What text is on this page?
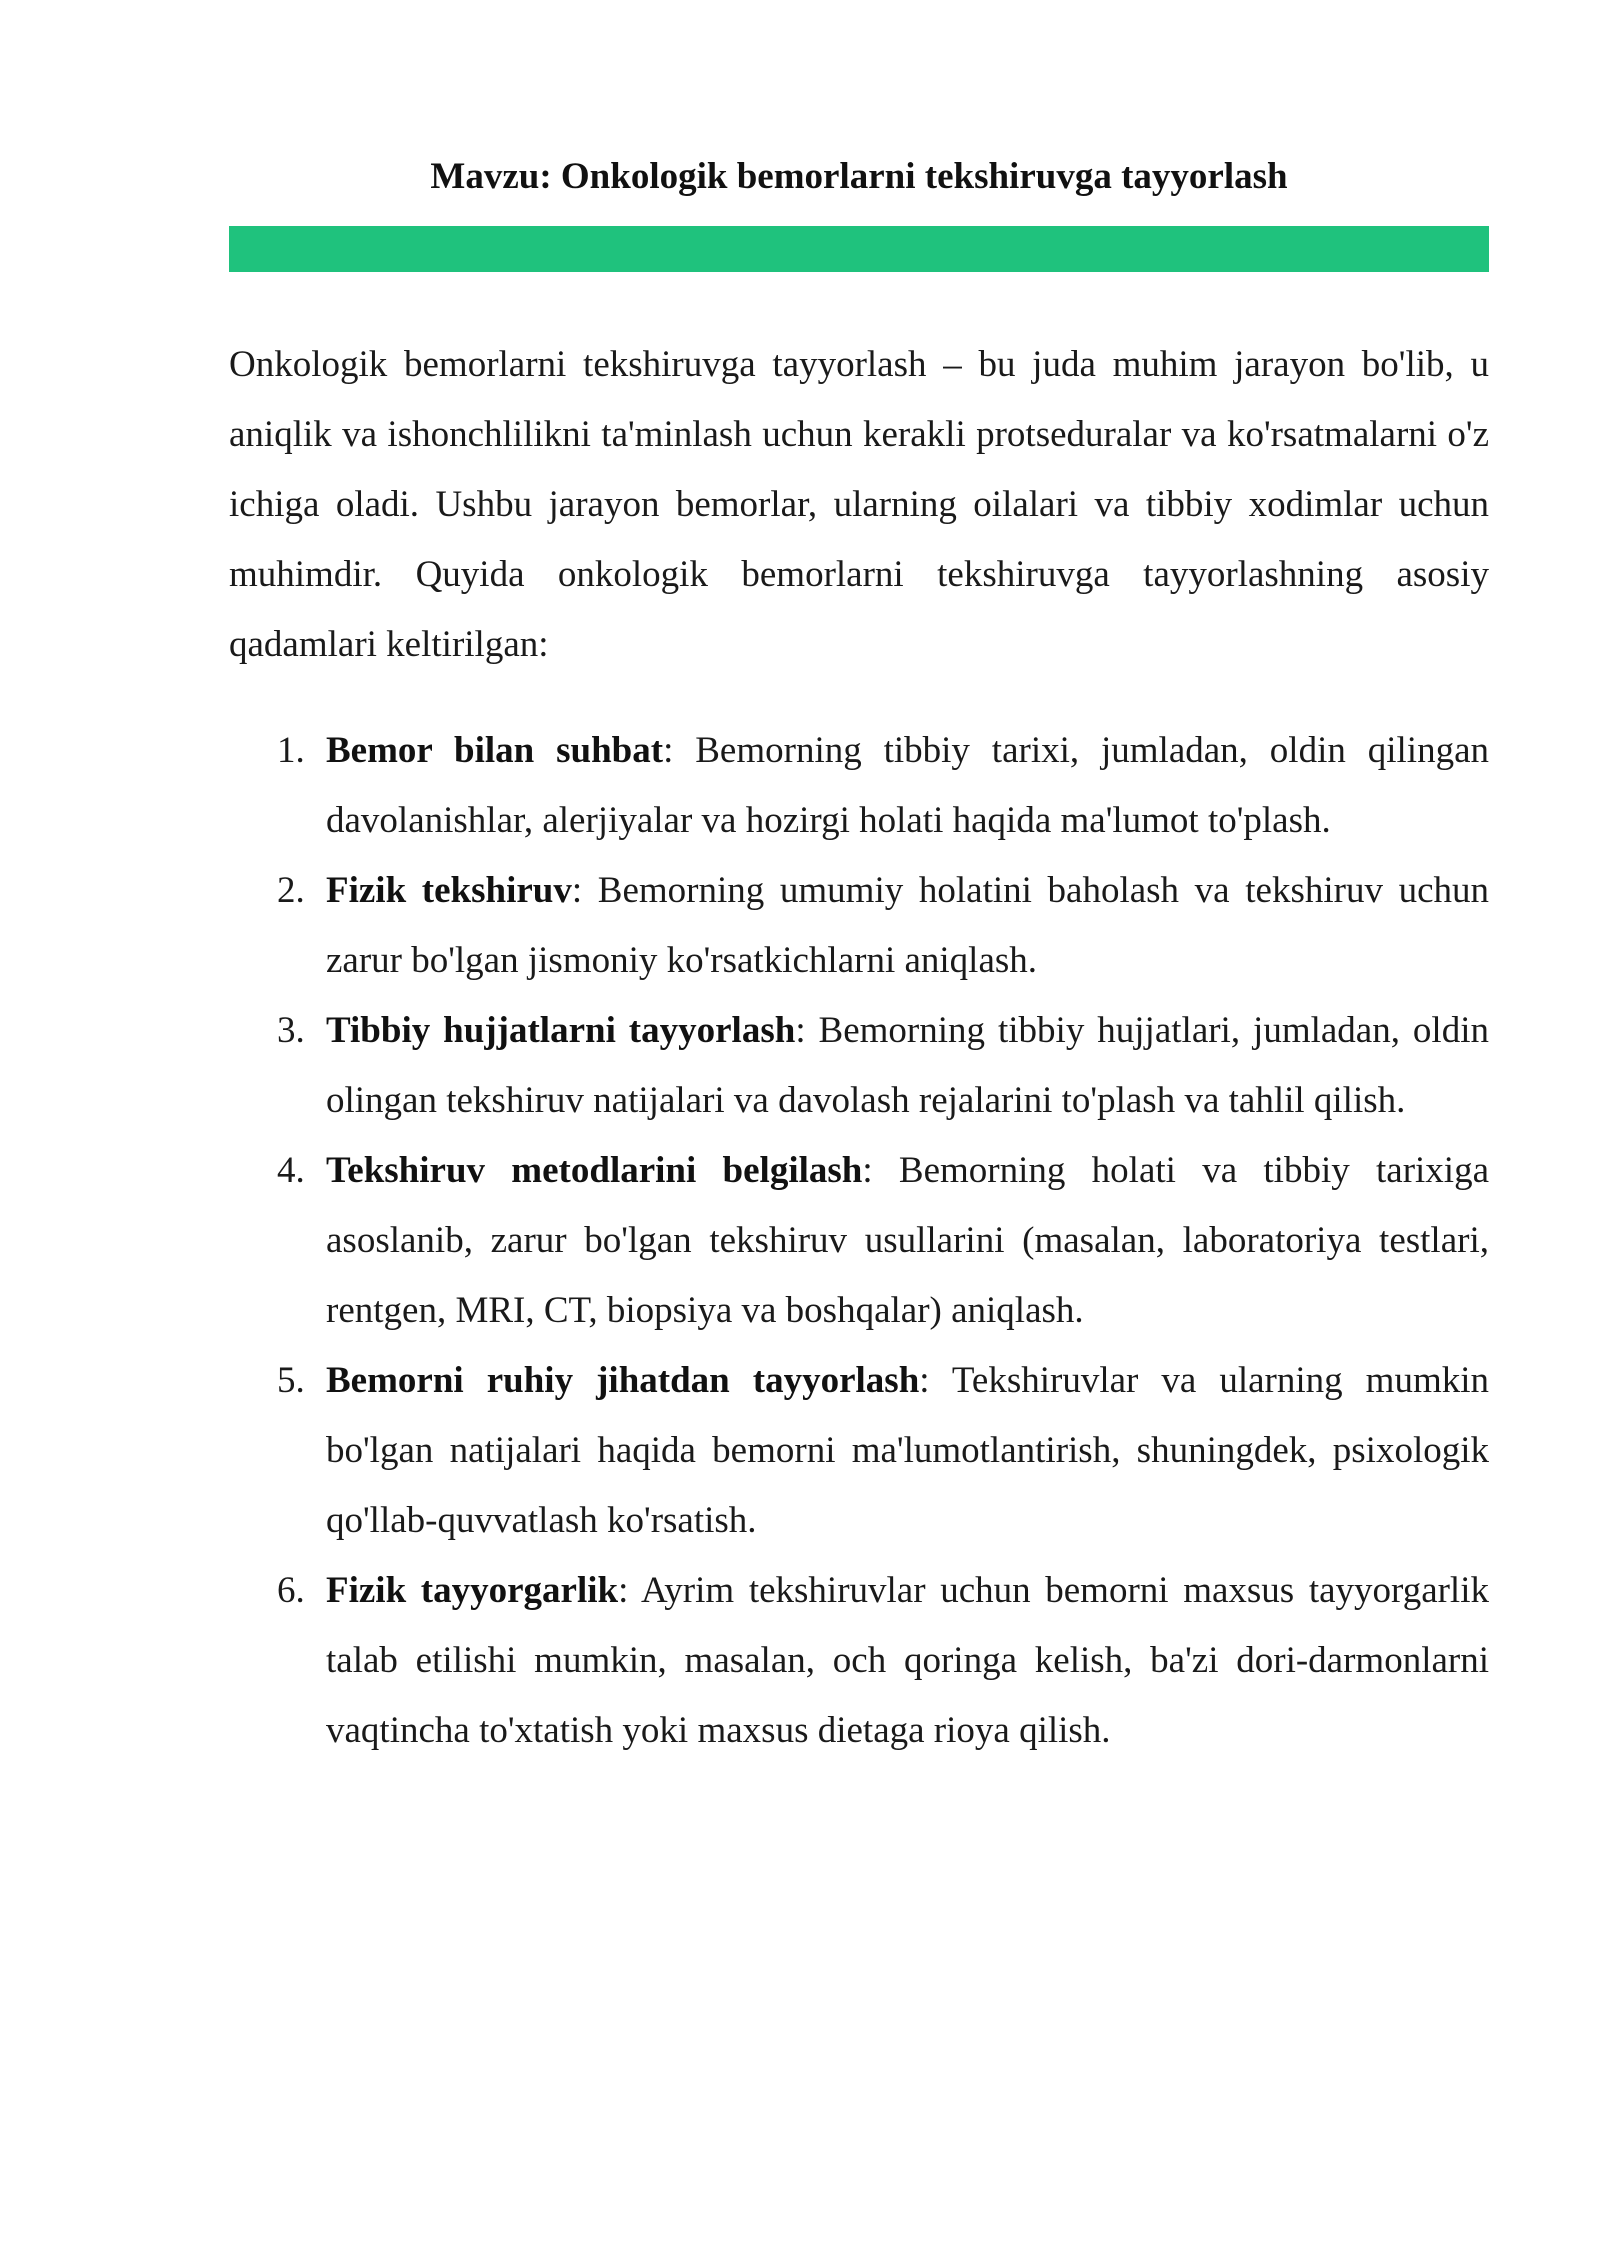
Mavzu: Onkologik bemorlarni tekshiruvga tayyorlash

Onkologik bemorlarni tekshiruvga tayyorlash – bu juda muhim jarayon bo'lib, u aniqlik va ishonchlilikni ta'minlash uchun kerakli protseduralar va ko'rsatmalarni o'z ichiga oladi. Ushbu jarayon bemorlar, ularning oilalari va tibbiy xodimlar uchun muhimdir. Quyida onkologik bemorlarni tekshiruvga tayyorlashning asosiy qadamlari keltirilgan:

1. Bemor bilan suhbat: Bemorning tibbiy tarixi, jumladan, oldin qilingan davolanishlar, alerjiyalar va hozirgi holati haqida ma'lumot to'plash.
2. Fizik tekshiruv: Bemorning umumiy holatini baholash va tekshiruv uchun zarur bo'lgan jismoniy ko'rsatkichlarni aniqlash.
3. Tibbiy hujjatlarni tayyorlash: Bemorning tibbiy hujjatlari, jumladan, oldin olingan tekshiruv natijalari va davolash rejalarini to'plash va tahlil qilish.
4. Tekshiruv metodlarini belgilash: Bemorning holati va tibbiy tarixiga asoslanib, zarur bo'lgan tekshiruv usullarini (masalan, laboratoriya testlari, rentgen, MRI, CT, biopsiya va boshqalar) aniqlash.
5. Bemorni ruhiy jihatdan tayyorlash: Tekshiruvlar va ularning mumkin bo'lgan natijalari haqida bemorni ma'lumotlantirish, shuningdek, psixologik qo'llab-quvvatlash ko'rsatish.
6. Fizik tayyorgarlik: Ayrim tekshiruvlar uchun bemorni maxsus tayyorgarlik talab etilishi mumkin, masalan, och qoringa kelish, ba'zi dori-darmonlarni vaqtincha to'xtatish yoki maxsus dietaga rioya qilish.
